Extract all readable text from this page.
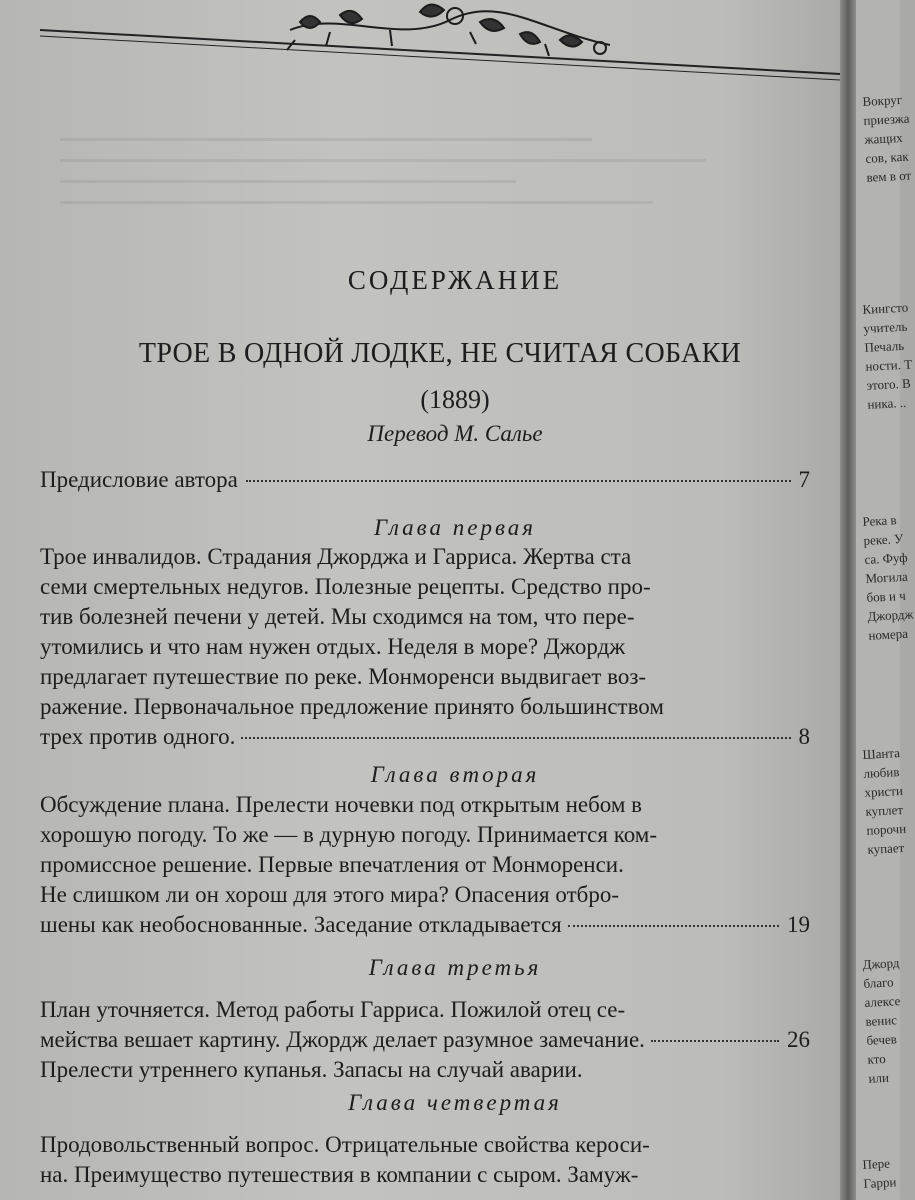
СОДЕРЖАНИЕ
ТРОЕ В ОДНОЙ ЛОДКЕ, НЕ СЧИТАЯ СОБАКИ
(1889)
Перевод М. Салье
Предисловие автора	7
Глава первая
Трое инвалидов. Страдания Джорджа и Гарриса. Жертва ста
семи смертельных недугов. Полезные рецепты. Средство про-
тив болезней печени у детей. Мы сходимся на том, что пере-
утомились и что нам нужен отдых. Неделя в море? Джордж
предлагает путешествие по реке. Монморенси выдвигает воз-
ражение. Первоначальное предложение принято большинством
трех против одного.	8
Глава вторая
Обсуждение плана. Прелести ночевки под открытым небом в
хорошую погоду. То же — в дурную погоду. Принимается ком-
промиссное решение. Первые впечатления от Монморенси.
Не слишком ли он хорош для этого мира? Опасения отбро-
шены как необоснованные. Заседание откладывается	19
Глава третья
План уточняется. Метод работы Гарриса. Пожилой отец се-
мейства вешает картину. Джордж делает разумное замечание.	26
Прелести утреннего купанья. Запасы на случай аварии.
Глава четвертая
Продовольственный вопрос. Отрицательные свойства кероси-
на. Преимущество путешествия в компании с сыром. Замуж-
Вокруг
приезжа
жащих
сов, как
вем в от
Кингсто
учитель
Печаль
ности. Т
этого. В
ника. ..
Река в
реке. У
са. Фуф
Могила
бов и ч
Джордж
номера
Шанта
любив
христи
куплет
порочн
купает
Джорд
благо
алексе
венис
бечев
кто
или
Пере
Гарри
